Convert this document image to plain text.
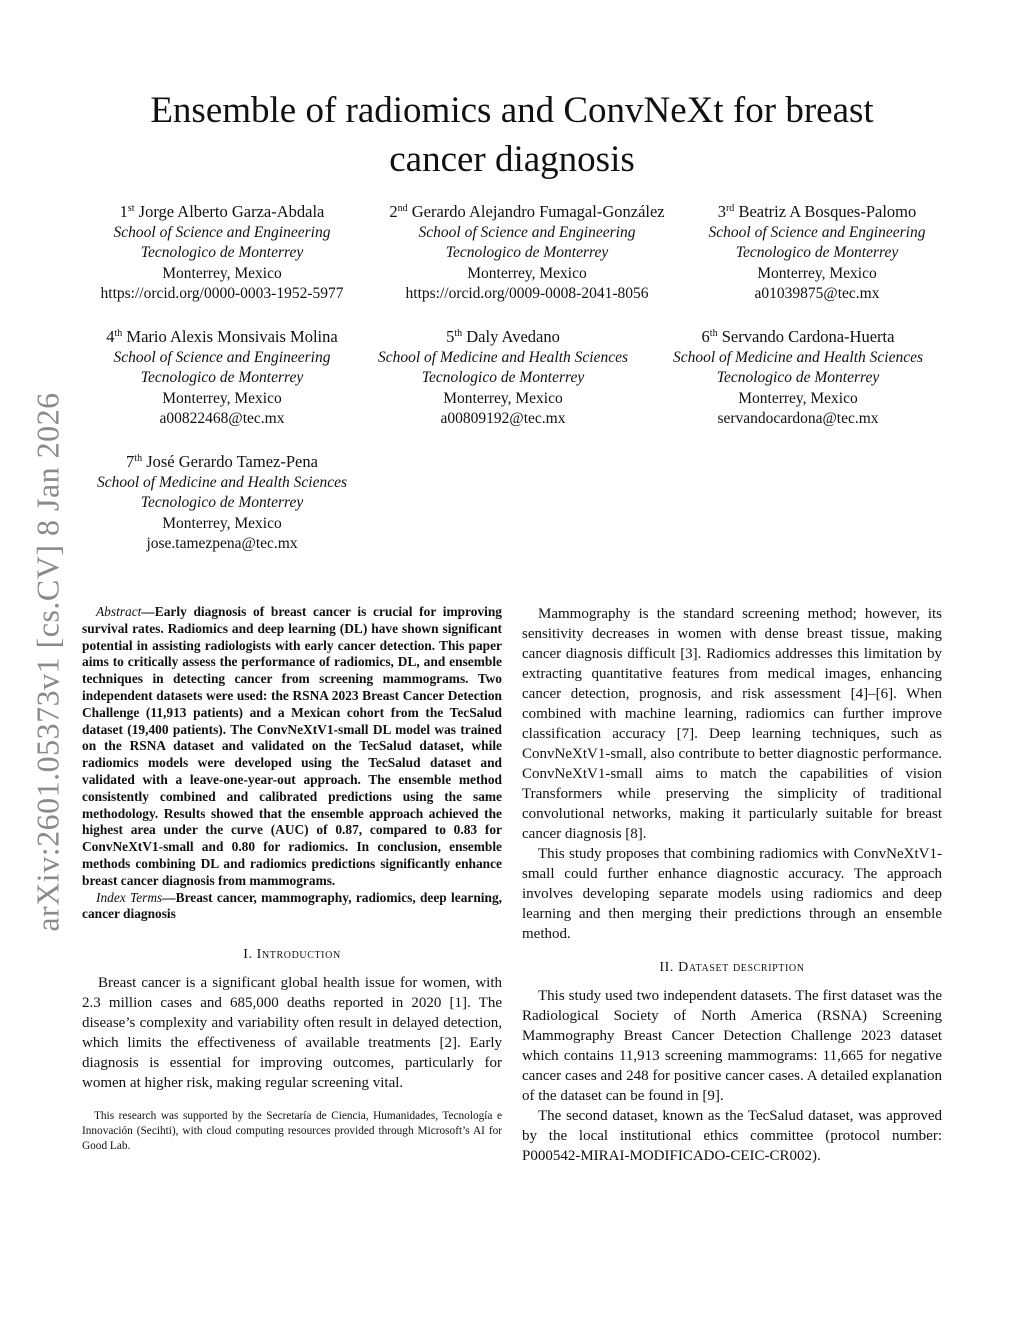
arXiv:2601.05373v1 [cs.CV] 8 Jan 2026
Ensemble of radiomics and ConvNeXt for breast
cancer diagnosis
1st Jorge Alberto Garza-Abdala
School of Science and Engineering
Tecnologico de Monterrey
Monterrey, Mexico
https://orcid.org/0000-0003-1952-5977
2nd Gerardo Alejandro Fumagal-González
School of Science and Engineering
Tecnologico de Monterrey
Monterrey, Mexico
https://orcid.org/0009-0008-2041-8056
3rd Beatriz A Bosques-Palomo
School of Science and Engineering
Tecnologico de Monterrey
Monterrey, Mexico
a01039875@tec.mx
4th Mario Alexis Monsivais Molina
School of Science and Engineering
Tecnologico de Monterrey
Monterrey, Mexico
a00822468@tec.mx
5th Daly Avedano
School of Medicine and Health Sciences
Tecnologico de Monterrey
Monterrey, Mexico
a00809192@tec.mx
6th Servando Cardona-Huerta
School of Medicine and Health Sciences
Tecnologico de Monterrey
Monterrey, Mexico
servandocardona@tec.mx
7th José Gerardo Tamez-Pena
School of Medicine and Health Sciences
Tecnologico de Monterrey
Monterrey, Mexico
jose.tamezpena@tec.mx

Abstract—Early diagnosis of breast cancer is crucial for improving survival rates. Radiomics and deep learning (DL) have shown significant potential in assisting radiologists with early cancer detection. This paper aims to critically assess the performance of radiomics, DL, and ensemble techniques in detecting cancer from screening mammograms. Two independent datasets were used: the RSNA 2023 Breast Cancer Detection Challenge (11,913 patients) and a Mexican cohort from the TecSalud dataset (19,400 patients). The ConvNeXtV1-small DL model was trained on the RSNA dataset and validated on the TecSalud dataset, while radiomics models were developed using the TecSalud dataset and validated with a leave-one-year-out approach. The ensemble method consistently combined and calibrated predictions using the same methodology. Results showed that the ensemble approach achieved the highest area under the curve (AUC) of 0.87, compared to 0.83 for ConvNeXtV1-small and 0.80 for radiomics. In conclusion, ensemble methods combining DL and radiomics predictions significantly enhance breast cancer diagnosis from mammograms.

Index Terms—Breast cancer, mammography, radiomics, deep learning, cancer diagnosis

I. Introduction

Breast cancer is a significant global health issue for women, with 2.3 million cases and 685,000 deaths reported in 2020 [1]. The disease’s complexity and variability often result in delayed detection, which limits the effectiveness of available treatments [2]. Early diagnosis is essential for improving outcomes, particularly for women at higher risk, making regular screening vital.

This research was supported by the Secretaría de Ciencia, Humanidades, Tecnología e Innovación (Secihti), with cloud computing resources provided through Microsoft’s AI for Good Lab.

Mammography is the standard screening method; however, its sensitivity decreases in women with dense breast tissue, making cancer diagnosis difficult [3]. Radiomics addresses this limitation by extracting quantitative features from medical images, enhancing cancer detection, prognosis, and risk assessment [4]–[6]. When combined with machine learning, radiomics can further improve classification accuracy [7]. Deep learning techniques, such as ConvNeXtV1-small, also contribute to better diagnostic performance. ConvNeXtV1-small aims to match the capabilities of vision Transformers while preserving the simplicity of traditional convolutional networks, making it particularly suitable for breast cancer diagnosis [8].

This study proposes that combining radiomics with ConvNeXtV1-small could further enhance diagnostic accuracy. The approach involves developing separate models using radiomics and deep learning and then merging their predictions through an ensemble method.

II. Dataset description

This study used two independent datasets. The first dataset was the Radiological Society of North America (RSNA) Screening Mammography Breast Cancer Detection Challenge 2023 dataset which contains 11,913 screening mammograms: 11,665 for negative cancer cases and 248 for positive cancer cases. A detailed explanation of the dataset can be found in [9].

The second dataset, known as the TecSalud dataset, was approved by the local institutional ethics committee (protocol number: P000542-MIRAI-MODIFICADO-CEIC-CR002).
